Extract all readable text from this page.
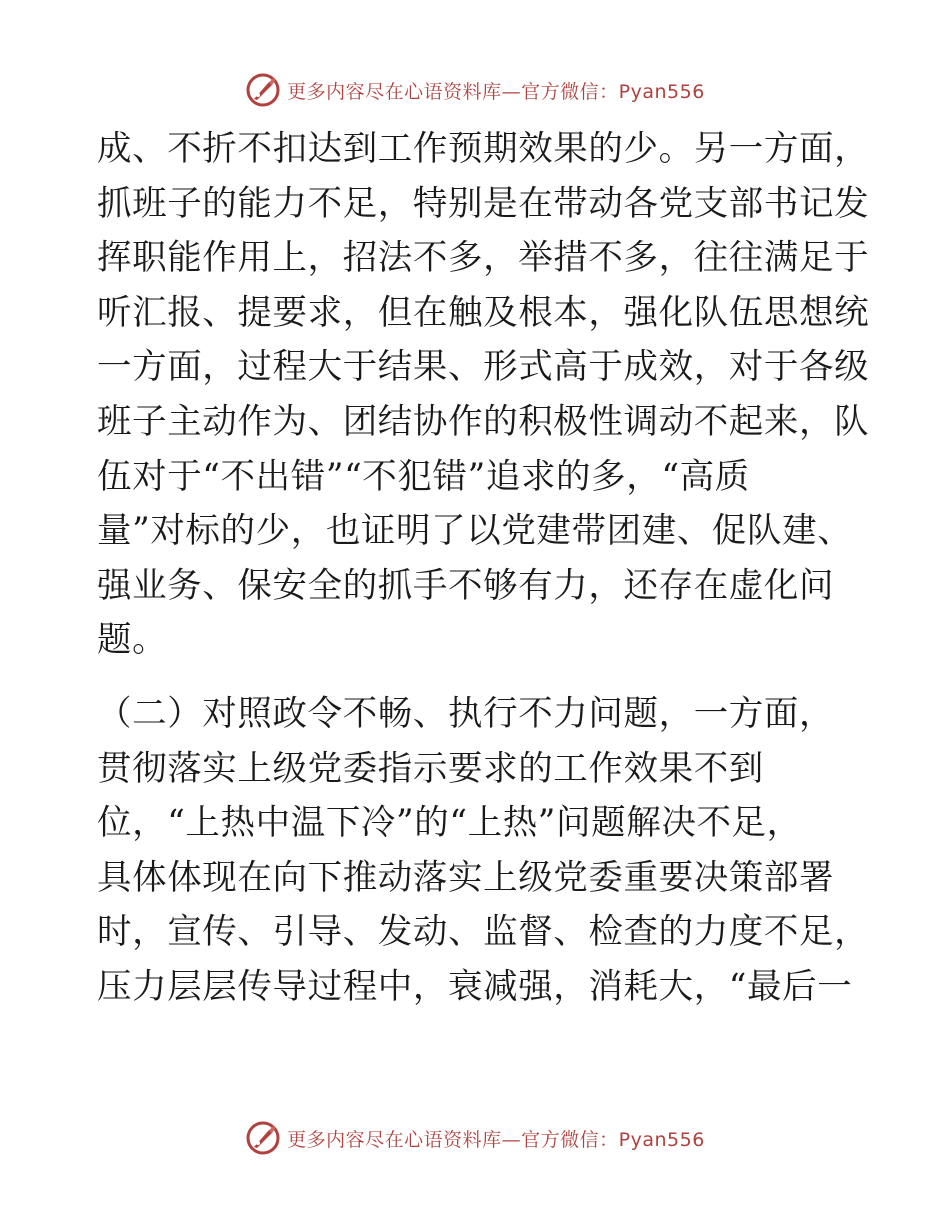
更多内容尽在心语资料库—官方微信：Pyan556
成、不折不扣达到工作预期效果的少。另一方面，
抓班子的能力不足，特别是在带动各党支部书记发
挥职能作用上，招法不多，举措不多，往往满足于
听汇报、提要求，但在触及根本，强化队伍思想统
一方面，过程大于结果、形式高于成效，对于各级
班子主动作为、团结协作的积极性调动不起来，队
伍对于“不出错”“不犯错”追求的多，“高质
量”对标的少，也证明了以党建带团建、促队建、
强业务、保安全的抓手不够有力，还存在虚化问
题。
（二）对照政令不畅、执行不力问题，一方面，
贯彻落实上级党委指示要求的工作效果不到
位，“上热中温下冷”的“上热”问题解决不足，
具体体现在向下推动落实上级党委重要决策部署
时，宣传、引导、发动、监督、检查的力度不足，
压力层层传导过程中，衰减强，消耗大，“最后一
更多内容尽在心语资料库—官方微信：Pyan556
